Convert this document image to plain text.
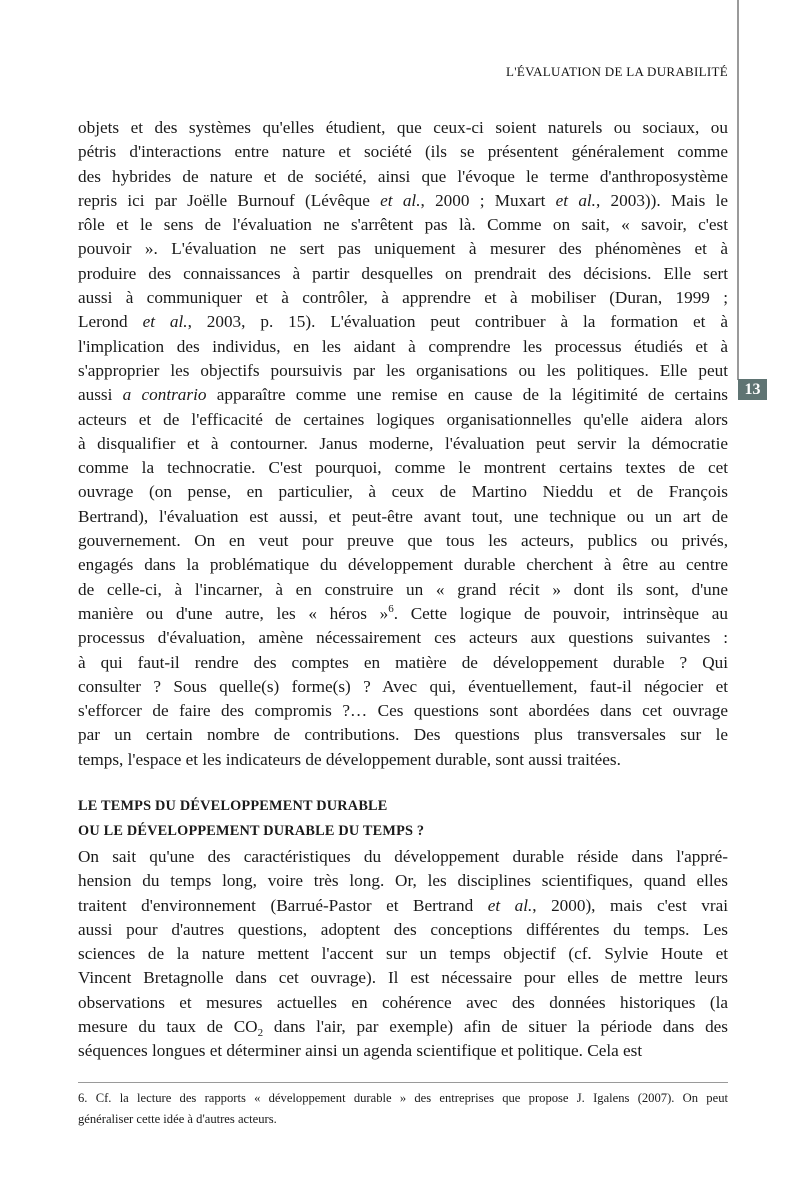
13
L'ÉVALUATION DE LA DURABILITÉ
objets et des systèmes qu'elles étudient, que ceux-ci soient naturels ou sociaux, ou
pétris d'interactions entre nature et société (ils se présentent généralement comme
des hybrides de nature et de société, ainsi que l'évoque le terme d'anthroposystème
repris ici par Joëlle Burnouf (Lévêque et al., 2000 ; Muxart et al., 2003)). Mais le
rôle et le sens de l'évaluation ne s'arrêtent pas là. Comme on sait, « savoir, c'est
pouvoir ». L'évaluation ne sert pas uniquement à mesurer des phénomènes et à
produire des connaissances à partir desquelles on prendrait des décisions. Elle sert
aussi à communiquer et à contrôler, à apprendre et à mobiliser (Duran, 1999 ;
Lerond et al., 2003, p. 15). L'évaluation peut contribuer à la formation et à
l'implication des individus, en les aidant à comprendre les processus étudiés et à
s'approprier les objectifs poursuivis par les organisations ou les politiques. Elle peut
aussi a contrario apparaître comme une remise en cause de la légitimité de certains
acteurs et de l'efficacité de certaines logiques organisationnelles qu'elle aidera alors
à disqualifier et à contourner. Janus moderne, l'évaluation peut servir la démocratie
comme la technocratie. C'est pourquoi, comme le montrent certains textes de cet
ouvrage (on pense, en particulier, à ceux de Martino Nieddu et de François
Bertrand), l'évaluation est aussi, et peut-être avant tout, une technique ou un art de
gouvernement. On en veut pour preuve que tous les acteurs, publics ou privés,
engagés dans la problématique du développement durable cherchent à être au centre
de celle-ci, à l'incarner, à en construire un « grand récit » dont ils sont, d'une
manière ou d'une autre, les « héros »$^6$. Cette logique de pouvoir, intrinsèque au
processus d'évaluation, amène nécessairement ces acteurs aux questions suivantes :
à qui faut-il rendre des comptes en matière de développement durable ? Qui
consulter ? Sous quelle(s) forme(s) ? Avec qui, éventuellement, faut-il négocier et
s'efforcer de faire des compromis ?… Ces questions sont abordées dans cet ouvrage
par un certain nombre de contributions. Des questions plus transversales sur le
temps, l'espace et les indicateurs de développement durable, sont aussi traitées.
LE TEMPS DU DÉVELOPPEMENT DURABLE
OU LE DÉVELOPPEMENT DURABLE DU TEMPS ?
On sait qu'une des caractéristiques du développement durable réside dans l'appré-
hension du temps long, voire très long. Or, les disciplines scientifiques, quand elles
traitent d'environnement (Barrué-Pastor et Bertrand et al., 2000), mais c'est vrai
aussi pour d'autres questions, adoptent des conceptions différentes du temps. Les
sciences de la nature mettent l'accent sur un temps objectif (cf. Sylvie Houte et
Vincent Bretagnolle dans cet ouvrage). Il est nécessaire pour elles de mettre leurs
observations et mesures actuelles en cohérence avec des données historiques (la
mesure du taux de $CO_2$ dans l'air, par exemple) afin de situer la période dans des
séquences longues et déterminer ainsi un agenda scientifique et politique. Cela est
6. Cf. la lecture des rapports « développement durable » des entreprises que propose J. Igalens (2007). On peut
généraliser cette idée à d'autres acteurs.
